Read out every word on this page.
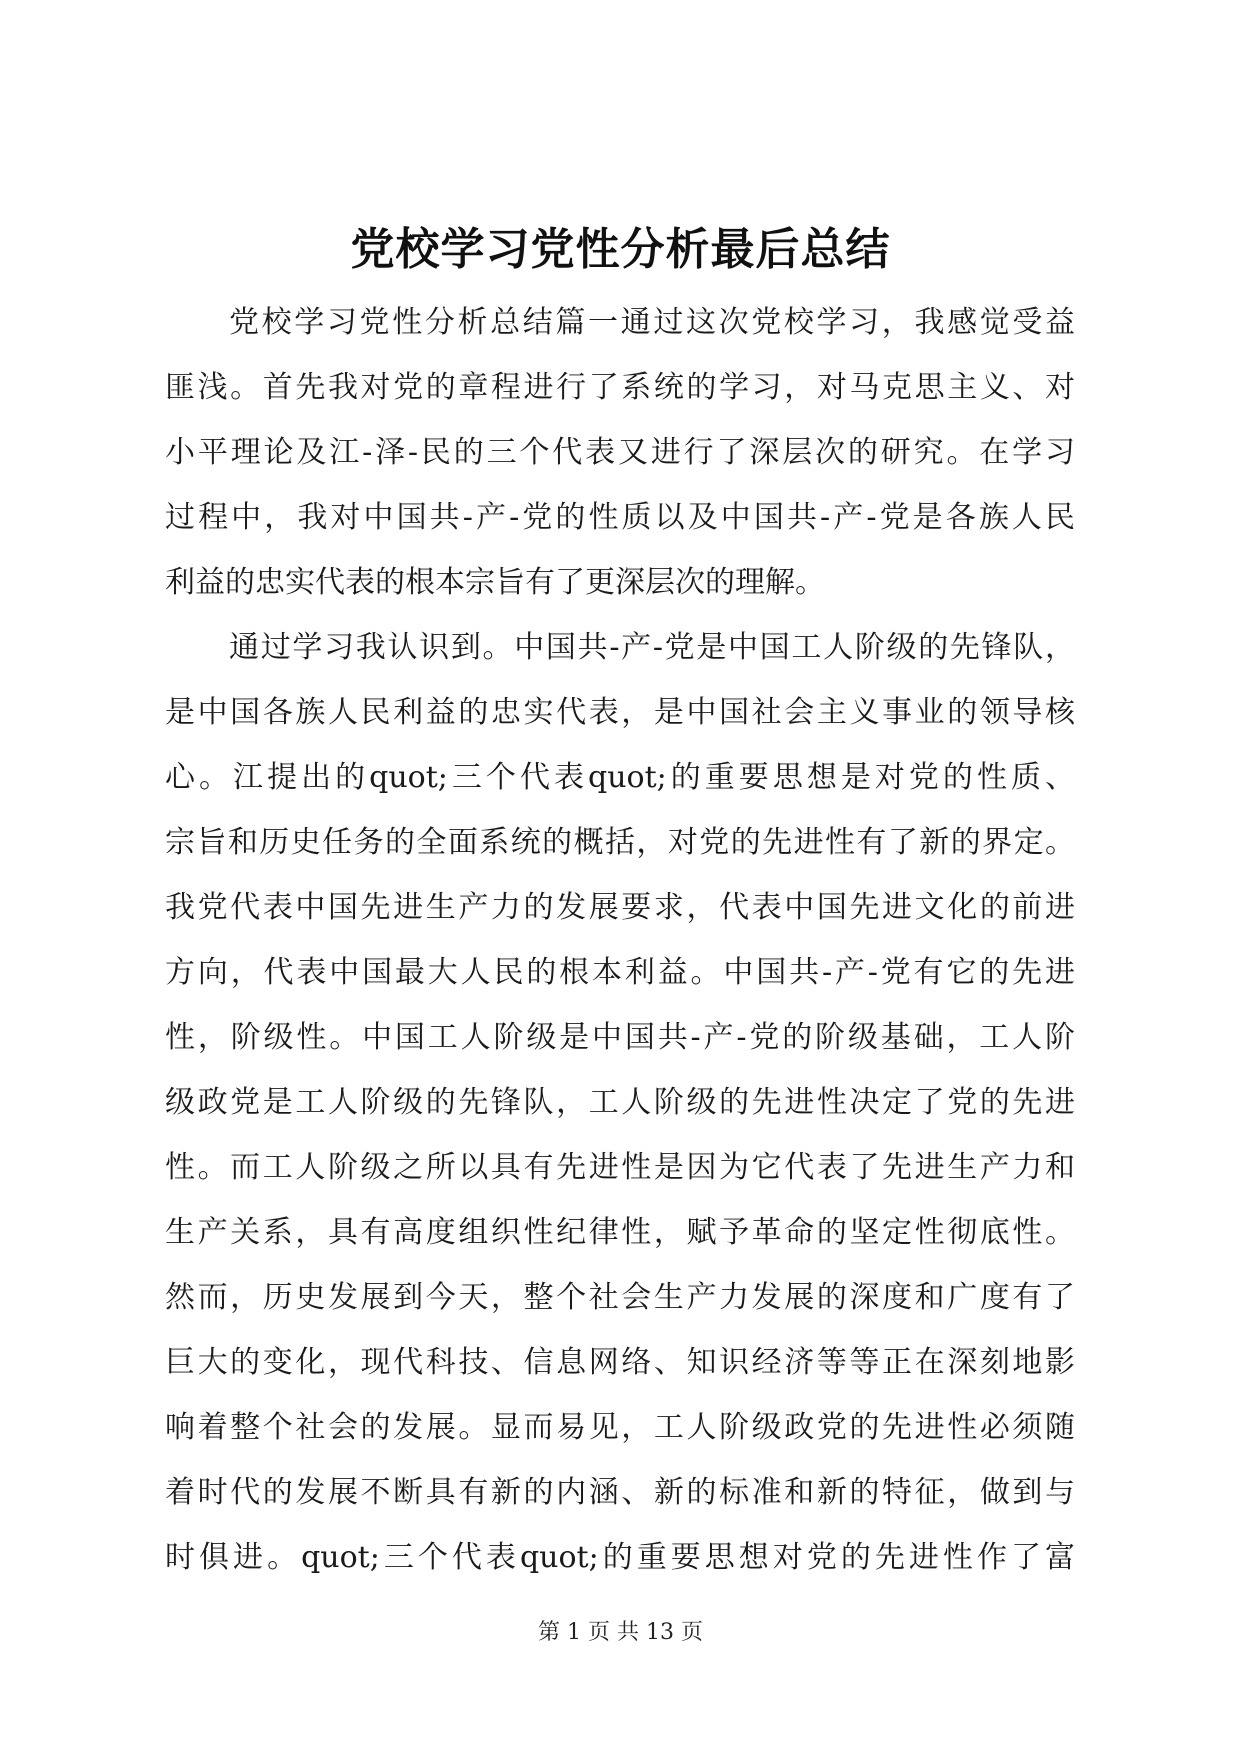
党校学习党性分析最后总结
党校学习党性分析总结篇一通过这次党校学习，我感觉受益
匪浅。首先我对党的章程进行了系统的学习，对马克思主义、对
小平理论及江-泽-民的三个代表又进行了深层次的研究。在学习
过程中，我对中国共-产-党的性质以及中国共-产-党是各族人民
利益的忠实代表的根本宗旨有了更深层次的理解。
通过学习我认识到。中国共-产-党是中国工人阶级的先锋队，
是中国各族人民利益的忠实代表，是中国社会主义事业的领导核
心。江提出的quot;三个代表quot;的重要思想是对党的性质、
宗旨和历史任务的全面系统的概括，对党的先进性有了新的界定。
我党代表中国先进生产力的发展要求，代表中国先进文化的前进
方向，代表中国最大人民的根本利益。中国共-产-党有它的先进
性，阶级性。中国工人阶级是中国共-产-党的阶级基础，工人阶
级政党是工人阶级的先锋队，工人阶级的先进性决定了党的先进
性。而工人阶级之所以具有先进性是因为它代表了先进生产力和
生产关系，具有高度组织性纪律性，赋予革命的坚定性彻底性。
然而，历史发展到今天，整个社会生产力发展的深度和广度有了
巨大的变化，现代科技、信息网络、知识经济等等正在深刻地影
响着整个社会的发展。显而易见，工人阶级政党的先进性必须随
着时代的发展不断具有新的内涵、新的标准和新的特征，做到与
时俱进。quot;三个代表quot;的重要思想对党的先进性作了富
第 1 页 共 13 页
